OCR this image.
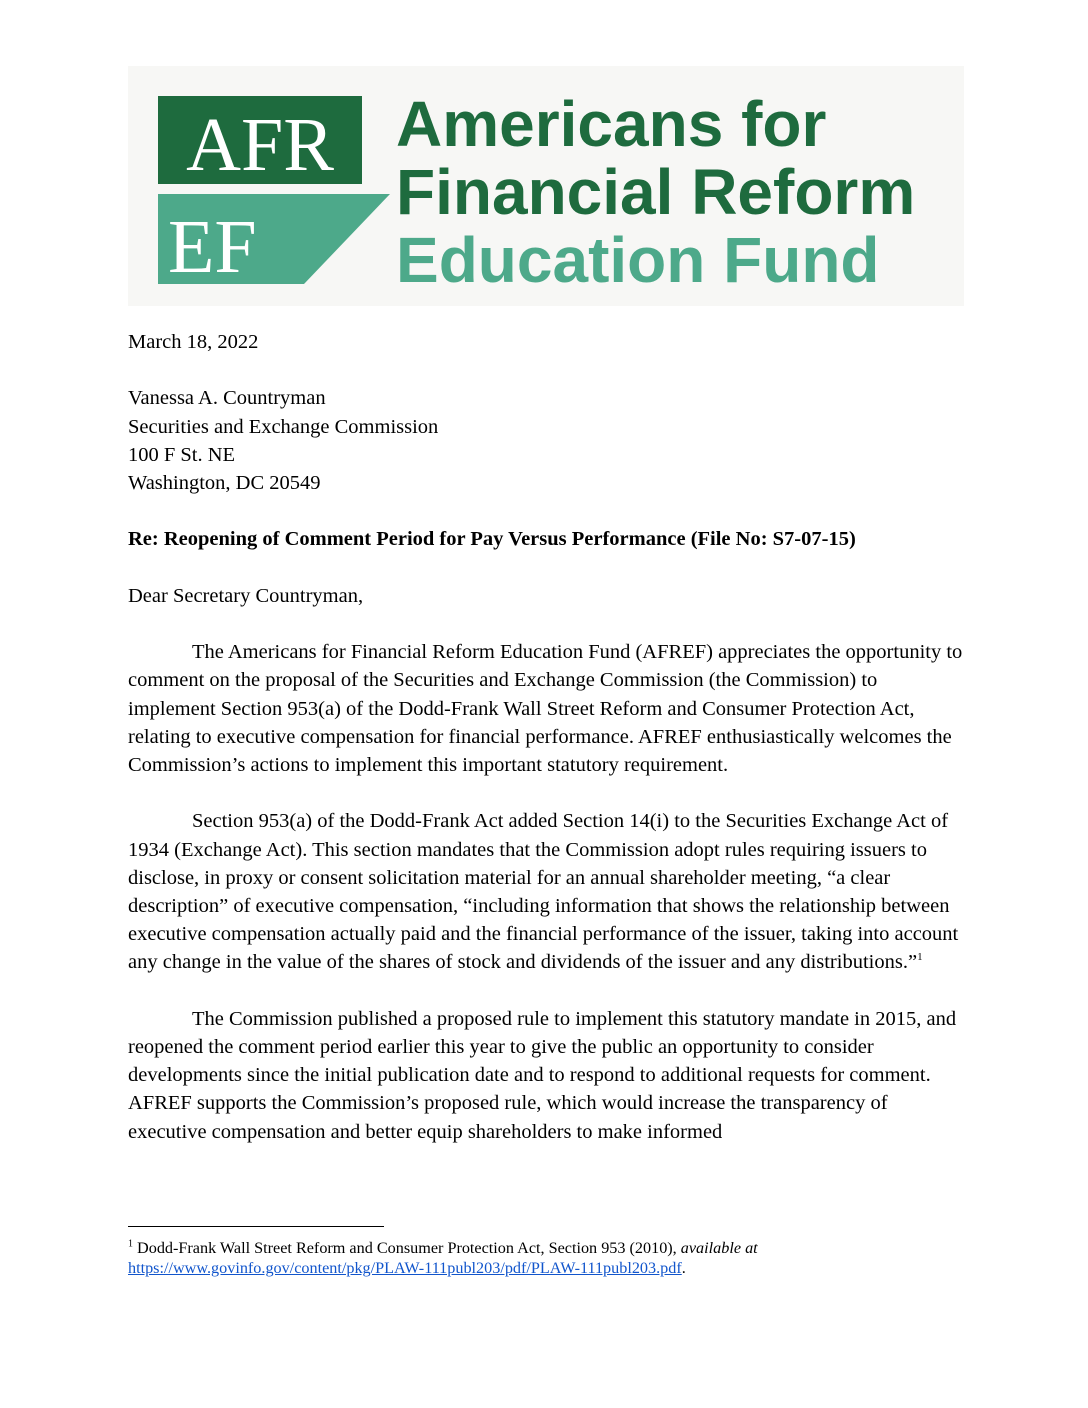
AFR
EF
Americans for
Financial Reform
Education Fund

March 18, 2022

Vanessa A. Countryman

Securities and Exchange Commission

100 F St. NE

Washington, DC 20549

Re: Reopening of Comment Period for Pay Versus Performance (File No: S7-07-15)

Dear Secretary Countryman,

The Americans for Financial Reform Education Fund (AFREF) appreciates the opportunity to comment on the proposal of the Securities and Exchange Commission (the Commission) to implement Section 953(a) of the Dodd-Frank Wall Street Reform and Consumer Protection Act, relating to executive compensation for financial performance. AFREF enthusiastically welcomes the Commission’s actions to implement this important statutory requirement.

Section 953(a) of the Dodd-Frank Act added Section 14(i) to the Securities Exchange Act of 1934 (Exchange Act). This section mandates that the Commission adopt rules requiring issuers to disclose, in proxy or consent solicitation material for an annual shareholder meeting, “a clear description” of executive compensation, “including information that shows the relationship between executive compensation actually paid and the financial performance of the issuer, taking into account any change in the value of the shares of stock and dividends of the issuer and any distributions.”$^1$

The Commission published a proposed rule to implement this statutory mandate in 2015, and reopened the comment period earlier this year to give the public an opportunity to consider developments since the initial publication date and to respond to additional requests for comment. AFREF supports the Commission’s proposed rule, which would increase the transparency of executive compensation and better equip shareholders to make informed

$^1$ Dodd-Frank Wall Street Reform and Consumer Protection Act, Section 953 (2010), available at
https://www.govinfo.gov/content/pkg/PLAW-111publ203/pdf/PLAW-111publ203.pdf.
